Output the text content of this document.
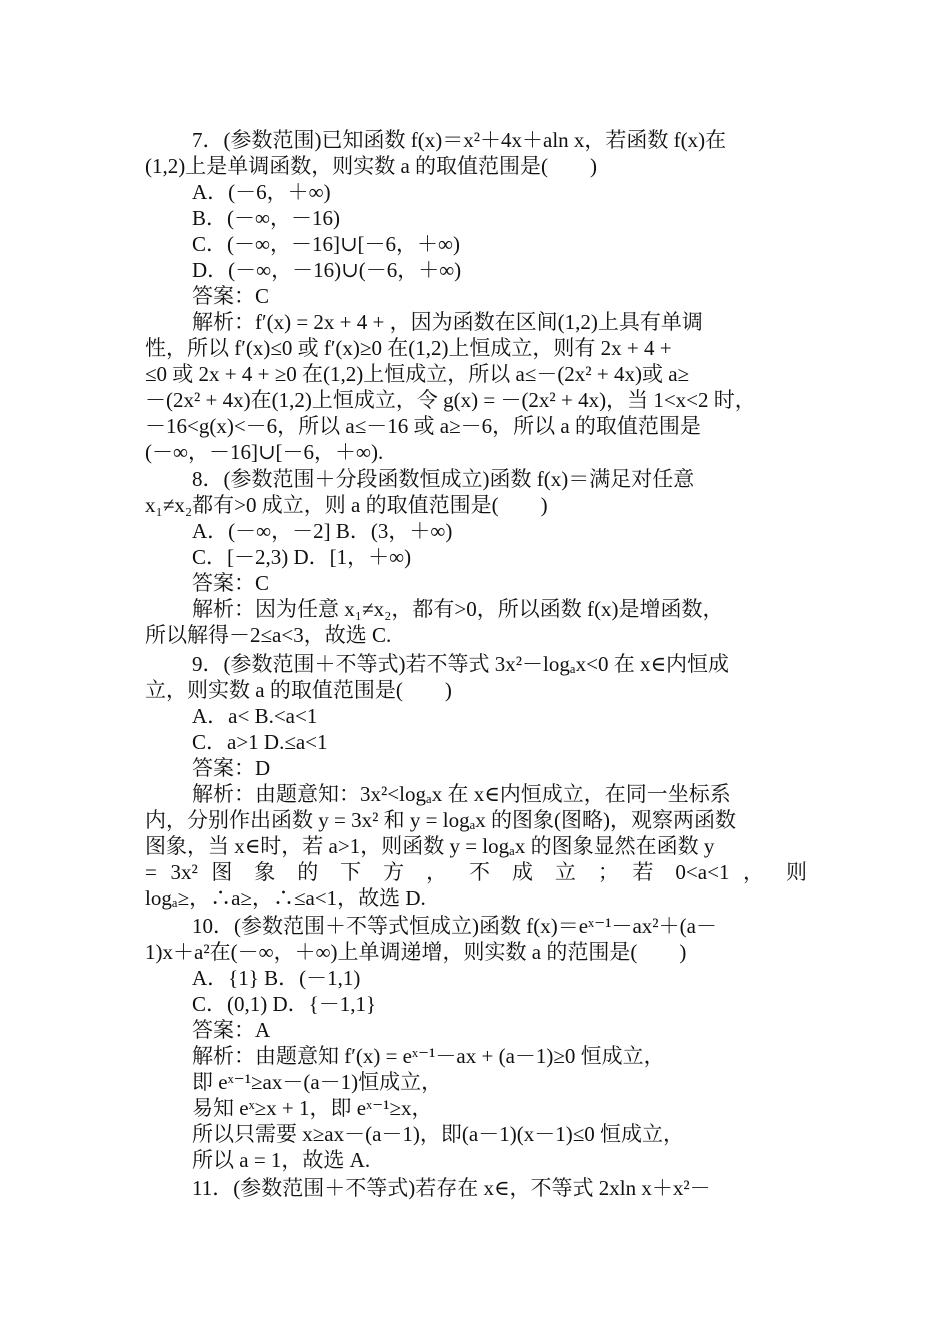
7．(参数范围)已知函数 f(x)＝x²＋4x＋aln x，若函数 f(x)在
(1,2)上是单调函数，则实数 a 的取值范围是(　　)
A．(－6，＋∞)
B．(－∞，－16)
C．(－∞，－16]∪[－6，＋∞)
D．(－∞，－16)∪(－6，＋∞)
答案：C
解析：f′(x) = 2x + 4 + ，因为函数在区间(1,2)上具有单调
性，所以 f′(x)≤0 或 f′(x)≥0 在(1,2)上恒成立，则有 2x + 4 +
≤0 或 2x + 4 + ≥0 在(1,2)上恒成立，所以 a≤－(2x² + 4x)或 a≥
－(2x² + 4x)在(1,2)上恒成立，令 g(x) = －(2x² + 4x)，当 1<x<2 时，
－16<g(x)<－6，所以 a≤－16 或 a≥－6，所以 a 的取值范围是
(－∞，－16]∪[－6，＋∞).
8．(参数范围＋分段函数恒成立)函数 f(x)＝满足对任意
x₁≠x₂都有>0 成立，则 a 的取值范围是(　　)
A．(－∞，－2] B．(3，＋∞)
C．[－2,3) D．[1，＋∞)
答案：C
解析：因为任意 x₁≠x₂，都有>0，所以函数 f(x)是增函数，
所以解得－2≤a<3，故选 C.
9．(参数范围＋不等式)若不等式 3x²－logₐx<0 在 x∈内恒成
立，则实数 a 的取值范围是(　　)
A．a< B.<a<1
C．a>1 D.≤a<1
答案：D
解析：由题意知：3x²<logₐx 在 x∈内恒成立，在同一坐标系
内，分别作出函数 y = 3x² 和 y = logₐx 的图象(图略)，观察两函数
图象，当 x∈时，若 a>1，则函数 y = logₐx 的图象显然在函数 y
= 3x² 图 象 的 下 方 ， 不 成 立 ； 若 0<a<1 ， 则
logₐ≥，∴a≥，∴≤a<1，故选 D.
10．(参数范围＋不等式恒成立)函数 f(x)＝eˣ⁻¹－ax²＋(a－
1)x＋a²在(－∞，＋∞)上单调递增，则实数 a 的范围是(　　)
A．{1} B．(－1,1)
C．(0,1) D．{－1,1}
答案：A
解析：由题意知 f′(x) = eˣ⁻¹－ax + (a－1)≥0 恒成立，
即 eˣ⁻¹≥ax－(a－1)恒成立，
易知 eˣ≥x + 1，即 eˣ⁻¹≥x，
所以只需要 x≥ax－(a－1)，即(a－1)(x－1)≤0 恒成立，
所以 a = 1，故选 A.
11．(参数范围＋不等式)若存在 x∈，不等式 2xln x＋x²－
